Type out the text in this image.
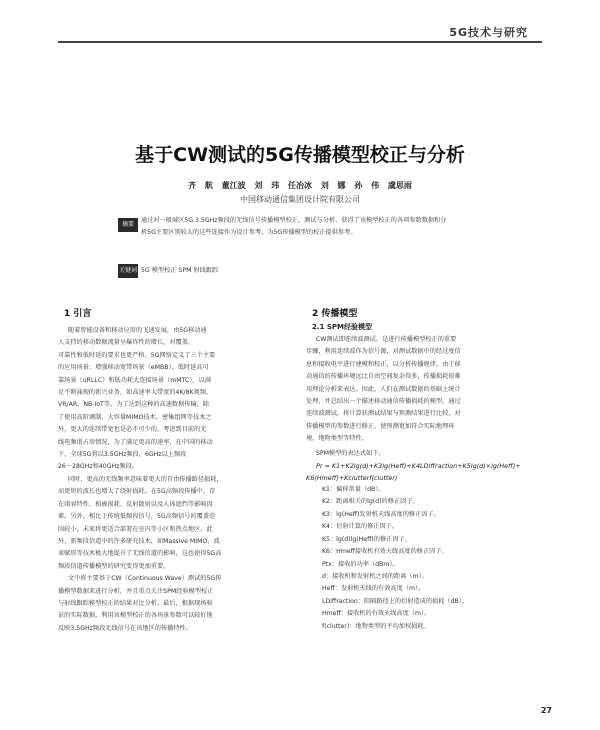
5G技术与研究
基于CW测试的5G传播模型校正与分析
齐 航 董江波 刘 玮 任冶冰 刘 娜 孙 伟 虞思雨
中国移动通信集团设计院有限公司
摘要
通过对一般城区5G 3.5GHz频段的无线信号传播模型校正，测试与分析，获得了该模型校正的各项参数数据和分
析5G主要区别较大的这些连接作为设计参考，为5G传播模型的校正提供参考。
关键词 5G 模型校正 SPM 射线跟踪
1 引言
随着智能设备和移动应用的飞速发展，由5G移动通
人支持的移动数据流量呈爆炸性的增长，对覆盖、
可靠性和低时延的要求也更严格。5G网络定义了三个主要
的应用场景：增强移动宽带场景（eMBB）、低时延高可
靠场景（uRLLC）和低功耗大连接场景（mMTC），以满
足不断涌现的新兴业务，如高速率大带宽的4K/8K视频，
VR/AR，NB-IoT等。为了达到这种的高速数据传输，除
了使用高阶调制、大容量MIMO技术、密集组网等技术之
外，更大的连续带宽也是必不可少的。考虑到目前的无
线电频谱占用情况，为了满足更高的速率，在中国的移动
下，全球5G将以3.5GHz频段、6GHz以上频段
26～28GHz和40GHz频段。
同时，更高的无线频率意味着更大的自由传播路径损耗，
而更短的波长也增大了绕射损耗。在5G高频段传播中，存
在雨衰特性、植被损耗、反射散射以及人体遮挡等影响因
素。另外，相比于传统低频段信号，5G高频信号的覆盖范
围较小，未来将更适合部署在室内等小区和热点地区。此
外，新频段信道中的许多研究技术，如Massive MIMO，波
束赋形等技术极大地提升了无线信道的影响，这也使得5G高
频段信道传播模型的研究变得更加重要。
文中将主要基于CW（Continuous Wave）测试的5G传
播模型数据来进行分析，并且重点关注SPM经验模型校正
与射线跟踪模型校正的结果对比分析。最后，根据现场验
证的实际数据，利用该模型校正的各场景参数可以较好地
反映3.5GHz频段无线信号在该地区的传播特性。
2 传播模型
2.1 SPM经验模型
CW测试即连续波测试，是进行传播模型校正的重要
步骤，利用连续波作为信号源，对测试数据中的经过度信
息和接收电平进行建模和校正，以分析传播规律。由于移
动通信的传播环境远比自由空间复杂得多，传播损耗很难
用理论分析来表达。因此，人们在测试数据的基础上统计
处理，并总结出一个描述移动通信传播损耗的模型。通过
连续波测试，将计算获测试结果与预测结果进行比较，对
传播模型的参数进行修正，使预测更加符合实际地理环
境，地物类型等特性。
SPM模型的表达式如下。
Pr = K1+K2lg(d)+K3lg(Heff)+K4LDiffraction+K5lg(d)×lg(Heff)+
K6(Hmeff)+Kclutterf(clutter)
K1：偏移常量（dB）。
K2：距离相关的lg(d)的修正因子。
K3：lg(Heff)发射机天线高度的修正因子。
K4：衍射计算的修正因子。
K5：lg(d)lg(Heff)的修正因子。
K6：Hmeff接收机有效天线高度的修正因子。
Ptx：接收的功率（dBm）。
d：接收机和发射机之间的距离（m）。
Heff：发射机天线的有效高度（m）。
LDiffraction：阻隔路径上的衍射造成的损耗（dB）。
Hmeff：接收机的有效天线高度（m）。
f(clutter)：地物类型的平均加权损耗。
27
